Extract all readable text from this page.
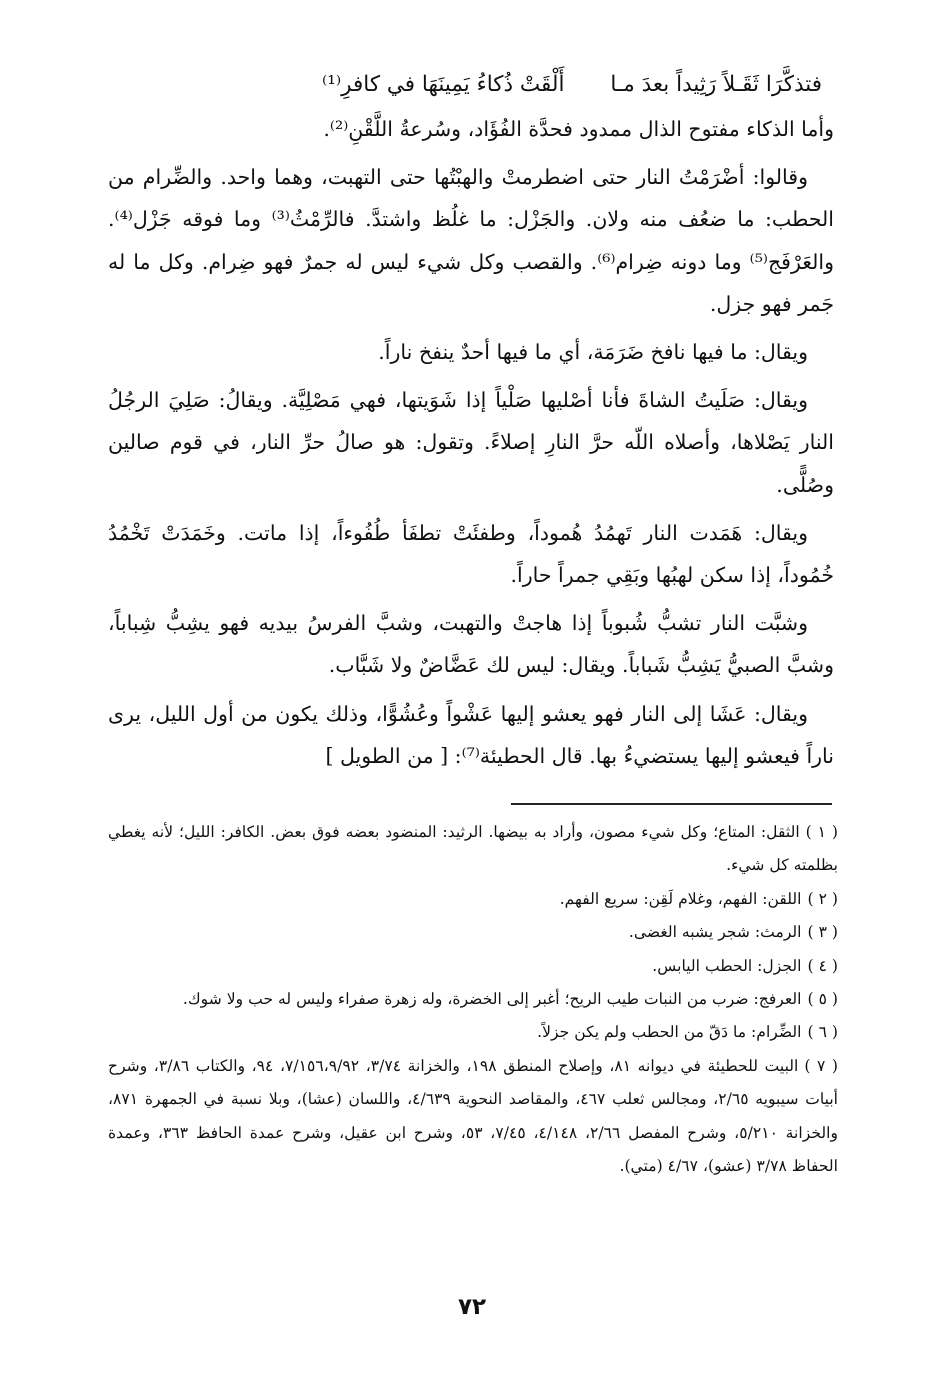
فتذكَّرَا ثَقَـلاً رَثِيداً بعدَ مـا
أَلْقَتْ ذُكاءُ يَمِينَهَا في كافرِ⁽¹⁾

وأما الذكاء مفتوح الذال ممدود فحدَّة الفُؤَاد، وسُرعةُ اللَّقْنِ⁽²⁾.

وقالوا: أضْرَمْتُ النار حتى اضطرمتْ والهبْتُها حتى التهبت، وهما واحد. والضِّرام من الحطب: ما ضعُف منه ولان. والجَزْل: ما غلُظ واشتدَّ. فالرِّمْثُ⁽³⁾ وما فوقه جَزْل⁽⁴⁾. والعَرْفَج⁽⁵⁾ وما دونه ضِرام⁽⁶⁾. والقصب وكل شيء ليس له جمرٌ فهو ضِرام. وكل ما له جَمر فهو جزل.

ويقال: ما فيها نافخ ضَرَمَة، أي ما فيها أحدٌ ينفخ ناراً.

ويقال: صَلَيتُ الشاةَ فأنا أصْليها صَلْياً إذا شَوَيتها، فهي مَصْلِيَّة. ويقالُ: صَلِيَ الرجُلُ النار يَصْلاها، وأصلاه اللّه حرَّ النارِ إصلاءً. وتقول: هو صالُ حرِّ النار، في قوم صالين وصُلًّى.

ويقال: هَمَدت النار تَهمُدُ هُموداً، وطفئَتْ تطفَأ طُفُوءاً، إذا ماتت. وخَمَدَتْ تَخْمُدُ خُمُوداً، إذا سكن لهبُها وبَقِي جمراً حاراً.

وشبَّت النار تشبُّ شُبوباً إذا هاجتْ والتهبت، وشبَّ الفرسُ بيديه فهو يشِبُّ شِباباً، وشبَّ الصبيُّ يَشِبُّ شَباباً. ويقال: ليس لك عَضَّاضٌ ولا شَبَّاب.

ويقال: عَشَا إلى النار فهو يعشو إليها عَشْواً وعُشُوًّا، وذلك يكون من أول الليل، يرى ناراً فيعشو إليها يستضيءُ بها. قال الحطيئة⁽⁷⁾: [ من الطويل ]

( ١ )الثقل: المتاع؛ وكل شيء مصون، وأراد به بيضها. الرثيد: المنضود بعضه فوق بعض. الكافر: الليل؛ لأنه يغطي بظلمته كل شيء.

( ٢ )اللقن: الفهم، وغلام لَقِن: سريع الفهم.

( ٣ )الرمث: شجر يشبه الغضى.

( ٤ )الجزل: الحطب اليابس.

( ٥ )العرفج: ضرب من النبات طيب الريح؛ أغبر إلى الخضرة، وله زهرة صفراء وليس له حب ولا شوك.

( ٦ )الضِّرام: ما دَقّ من الحطب ولم يكن جزلاً.

( ٧ )البيت للحطيئة في ديوانه ٨١، وإصلاح المنطق ١٩٨، والخزانة ٣/٧٤، ٧/١٥٦،٩/٩٢، ٩٤، والكتاب ٣/٨٦، وشرح أبيات سيبويه ٢/٦٥، ومجالس ثعلب ٤٦٧، والمقاصد النحوية ٤/٦٣٩، واللسان (عشا)، وبلا نسبة في الجمهرة ٨٧١، والخزانة ٥/٢١٠، وشرح المفصل ٢/٦٦، ٤/١٤٨، ٧/٤٥، ٥٣، وشرح ابن عقيل، وشرح عمدة الحافظ ٣٦٣، وعمدة الحفاظ ٣/٧٨ (عشو)، ٤/٦٧ (متي).

٧٢
